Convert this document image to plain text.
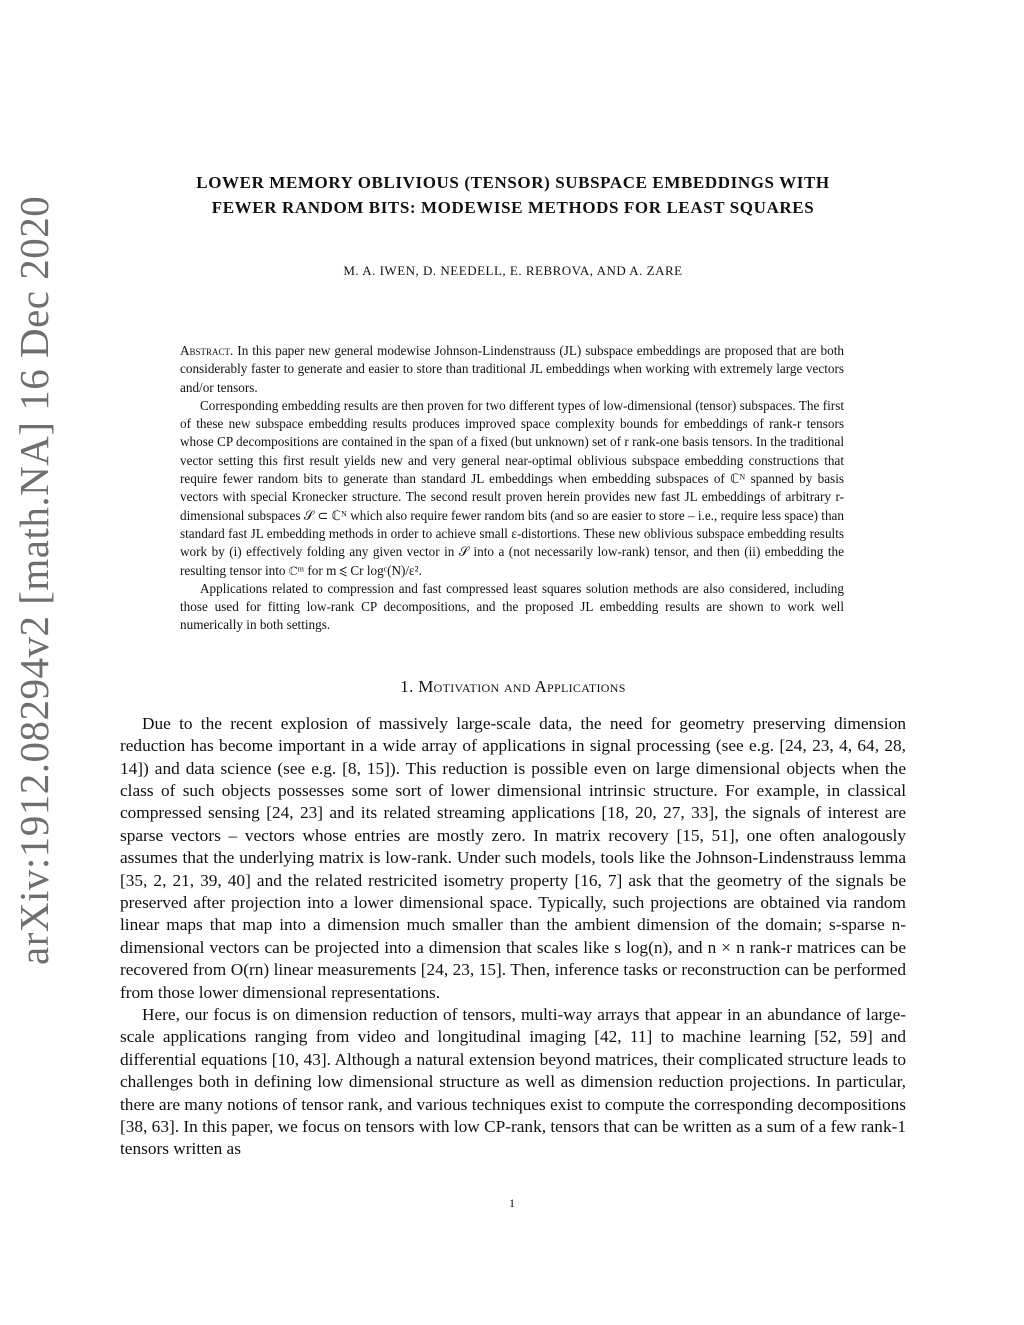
arXiv:1912.08294v2 [math.NA] 16 Dec 2020
LOWER MEMORY OBLIVIOUS (TENSOR) SUBSPACE EMBEDDINGS WITH
FEWER RANDOM BITS: MODEWISE METHODS FOR LEAST SQUARES
M. A. IWEN, D. NEEDELL, E. REBROVA, AND A. ZARE

Abstract. In this paper new general modewise Johnson-Lindenstrauss (JL) subspace embeddings are proposed that are both considerably faster to generate and easier to store than traditional JL embeddings when working with extremely large vectors and/or tensors.

Corresponding embedding results are then proven for two different types of low-dimensional (tensor) subspaces. The first of these new subspace embedding results produces improved space complexity bounds for embeddings of rank-r tensors whose CP decompositions are contained in the span of a fixed (but unknown) set of r rank-one basis tensors. In the traditional vector setting this first result yields new and very general near-optimal oblivious subspace embedding constructions that require fewer random bits to generate than standard JL embeddings when embedding subspaces of ℂᴺ spanned by basis vectors with special Kronecker structure. The second result proven herein provides new fast JL embeddings of arbitrary r-dimensional subspaces 𝒮 ⊂ ℂᴺ which also require fewer random bits (and so are easier to store – i.e., require less space) than standard fast JL embedding methods in order to achieve small ε-distortions. These new oblivious subspace embedding results work by (i) effectively folding any given vector in 𝒮 into a (not necessarily low-rank) tensor, and then (ii) embedding the resulting tensor into ℂᵐ for m ⩽ Cr logᶜ(N)/ε².

Applications related to compression and fast compressed least squares solution methods are also considered, including those used for fitting low-rank CP decompositions, and the proposed JL embedding results are shown to work well numerically in both settings.

1. Motivation and Applications

Due to the recent explosion of massively large-scale data, the need for geometry preserving dimension reduction has become important in a wide array of applications in signal processing (see e.g. [24, 23, 4, 64, 28, 14]) and data science (see e.g. [8, 15]). This reduction is possible even on large dimensional objects when the class of such objects possesses some sort of lower dimensional intrinsic structure. For example, in classical compressed sensing [24, 23] and its related streaming applications [18, 20, 27, 33], the signals of interest are sparse vectors – vectors whose entries are mostly zero. In matrix recovery [15, 51], one often analogously assumes that the underlying matrix is low-rank. Under such models, tools like the Johnson-Lindenstrauss lemma [35, 2, 21, 39, 40] and the related restricited isometry property [16, 7] ask that the geometry of the signals be preserved after projection into a lower dimensional space. Typically, such projections are obtained via random linear maps that map into a dimension much smaller than the ambient dimension of the domain; s-sparse n-dimensional vectors can be projected into a dimension that scales like s log(n), and n × n rank-r matrices can be recovered from O(rn) linear measurements [24, 23, 15]. Then, inference tasks or reconstruction can be performed from those lower dimensional representations.

Here, our focus is on dimension reduction of tensors, multi-way arrays that appear in an abundance of large-scale applications ranging from video and longitudinal imaging [42, 11] to machine learning [52, 59] and differential equations [10, 43]. Although a natural extension beyond matrices, their complicated structure leads to challenges both in defining low dimensional structure as well as dimension reduction projections. In particular, there are many notions of tensor rank, and various techniques exist to compute the corresponding decompositions [38, 63]. In this paper, we focus on tensors with low CP-rank, tensors that can be written as a sum of a few rank-1 tensors written as

1
